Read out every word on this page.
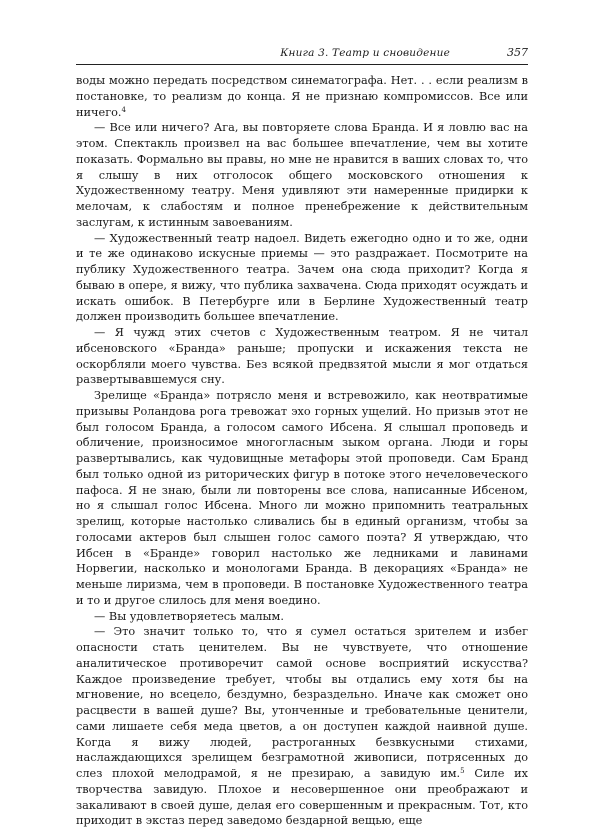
Книга 3. Театр и сновидение	357

воды можно передать посредством синематографа. Нет. . . если реализм в постановке, то реализм до конца. Я не признаю компромиссов. Все или ничего.$^4$

— Все или ничего? Ага, вы повторяете слова Бранда. И я ловлю вас на этом. Спектакль произвел на вас большее впечатление, чем вы хотите показать. Формально вы правы, но мне не нравится в ваших словах то, что я слышу в них отголосок общего московского отношения к Художественному театру. Меня удивляют эти намеренные придирки к мелочам, к слабостям и полное пренебрежение к действительным заслугам, к истинным завоеваниям.

— Художественный театр надоел. Видеть ежегодно одно и то же, одни и те же одинаково искусные приемы — это раздражает. Посмотрите на публику Художественного театра. Зачем она сюда приходит? Когда я бываю в опере, я вижу, что публика захвачена. Сюда приходят осуждать и искать ошибок. В Петербурге или в Берлине Художественный театр должен производить большее впечатление.

— Я чужд этих счетов с Художественным театром. Я не читал ибсеновского «Бранда» раньше; пропуски и искажения текста не оскорбляли моего чувства. Без всякой предвзятой мысли я мог отдаться развертывавшемуся сну.

Зрелище «Бранда» потрясло меня и встревожило, как неотвратимые призывы Роландова рога тревожат эхо горных ущелий. Но призыв этот не был голосом Бранда, а голосом самого Ибсена. Я слышал проповедь и обличение, произносимое многогласным зыком органа. Люди и горы развертывались, как чудовищные метафоры этой проповеди. Сам Бранд был только одной из риторических фигур в потоке этого нечеловеческого пафоса. Я не знаю, были ли повторены все слова, написанные Ибсеном, но я слышал голос Ибсена. Много ли можно припомнить театральных зрелищ, которые настолько сливались бы в единый организм, чтобы за голосами актеров был слышен голос самого поэта? Я утверждаю, что Ибсен в «Бранде» говорил настолько же ледниками и лавинами Норвегии, насколько и монологами Бранда. В декорациях «Бранда» не меньше лиризма, чем в проповеди. В постановке Художественного театра и то и другое слилось для меня воедино.

— Вы удовлетворяетесь малым.

— Это значит только то, что я сумел остаться зрителем и избег опасности стать ценителем. Вы не чувствуете, что отношение аналитическое противоречит самой основе восприятий искусства? Каждое произведение требует, чтобы вы отдались ему хотя бы на мгновение, но всецело, бездумно, безраздельно. Иначе как сможет оно расцвести в вашей душе? Вы, утонченные и требовательные ценители, сами лишаете себя меда цветов, а он доступен каждой наивной душе. Когда я вижу людей, растроганных безвкусными стихами, наслаждающихся зрелищем безграмотной живописи, потрясенных до слез плохой мелодрамой, я не презираю, а завидую им.$^5$ Силе их творчества завидую. Плохое и несовершенное они преображают и закаливают в своей душе, делая его совершенным и прекрасным. Тот, кто приходит в экстаз перед заведомо бездарной вещью, еще
